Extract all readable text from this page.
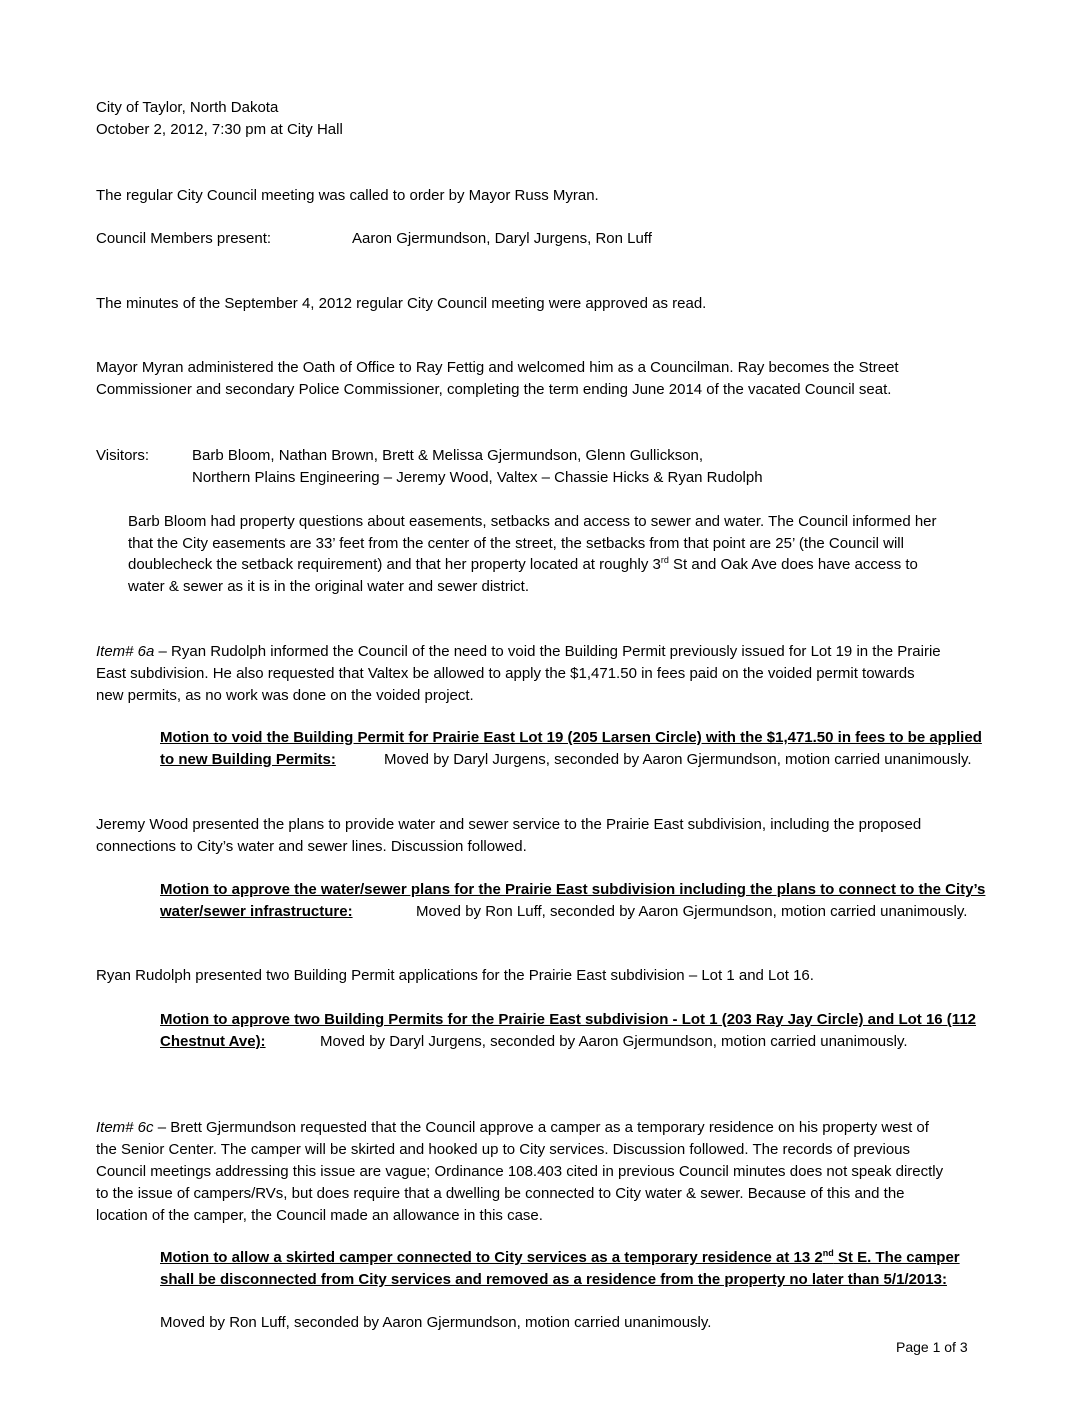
City of Taylor, North Dakota
October 2, 2012, 7:30 pm at City Hall
The regular City Council meeting was called to order by Mayor Russ Myran.
Council Members present:	Aaron Gjermundson, Daryl Jurgens, Ron Luff
The minutes of the September 4, 2012 regular City Council meeting were approved as read.
Mayor Myran administered the Oath of Office to Ray Fettig and welcomed him as a Councilman. Ray becomes the Street
Commissioner and secondary Police Commissioner, completing the term ending June 2014 of the vacated Council seat.
Visitors:	Barb Bloom, Nathan Brown, Brett & Melissa Gjermundson, Glenn Gullickson,
Northern Plains Engineering – Jeremy Wood, Valtex – Chassie Hicks & Ryan Rudolph
Barb Bloom had property questions about easements, setbacks and access to sewer and water. The Council informed her
that the City easements are 33’ feet from the center of the street, the setbacks from that point are 25’ (the Council will
doublecheck the setback requirement) and that her property located at roughly 3rd St and Oak Ave does have access to
water & sewer as it is in the original water and sewer district.
Item# 6a – Ryan Rudolph informed the Council of the need to void the Building Permit previously issued for Lot 19 in the Prairie
East subdivision. He also requested that Valtex be allowed to apply the $1,471.50 in fees paid on the voided permit towards
new permits, as no work was done on the voided project.
Motion to void the Building Permit for Prairie East Lot 19 (205 Larsen Circle) with the $1,471.50 in fees to be applied
to new Building Permits:	Moved by Daryl Jurgens, seconded by Aaron Gjermundson, motion carried unanimously.
Jeremy Wood presented the plans to provide water and sewer service to the Prairie East subdivision, including the proposed
connections to City’s water and sewer lines. Discussion followed.
Motion to approve the water/sewer plans for the Prairie East subdivision including the plans to connect to the City’s
water/sewer infrastructure:	Moved by Ron Luff, seconded by Aaron Gjermundson, motion carried unanimously.
Ryan Rudolph presented two Building Permit applications for the Prairie East subdivision – Lot 1 and Lot 16.
Motion to approve two Building Permits for the Prairie East subdivision - Lot 1 (203 Ray Jay Circle) and Lot 16 (112
Chestnut Ave):	Moved by Daryl Jurgens, seconded by Aaron Gjermundson, motion carried unanimously.
Item# 6c – Brett Gjermundson requested that the Council approve a camper as a temporary residence on his property west of
the Senior Center. The camper will be skirted and hooked up to City services. Discussion followed. The records of previous
Council meetings addressing this issue are vague; Ordinance 108.403 cited in previous Council minutes does not speak directly
to the issue of campers/RVs, but does require that a dwelling be connected to City water & sewer. Because of this and the
location of the camper, the Council made an allowance in this case.
Motion to allow a skirted camper connected to City services as a temporary residence at 13 2nd St E. The camper
shall be disconnected from City services and removed as a residence from the property no later than 5/1/2013:
Moved by Ron Luff, seconded by Aaron Gjermundson, motion carried unanimously.
Page 1 of 3
